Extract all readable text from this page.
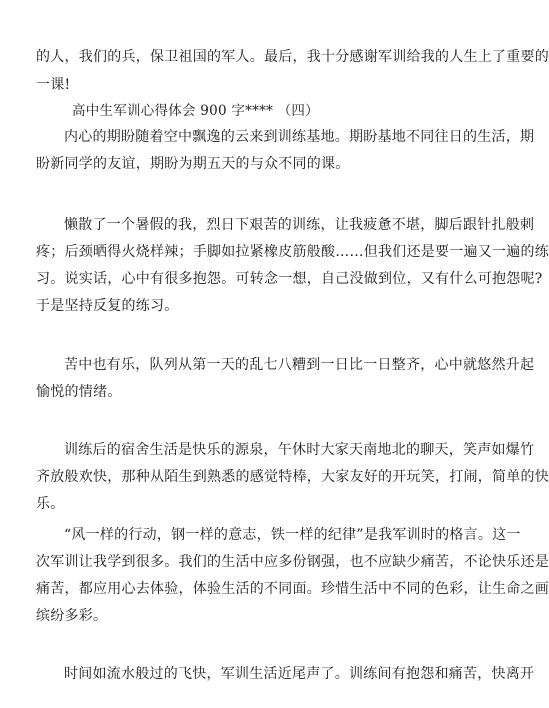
的人，我们的兵，保卫祖国的军人。最后，我十分感谢军训给我的人生上了重要的
一课!
高中生军训心得体会 900 字**** （四）
内心的期盼随着空中飘逸的云来到训练基地。期盼基地不同往日的生活，期
盼新同学的友谊，期盼为期五天的与众不同的课。
懒散了一个暑假的我，烈日下艰苦的训练，让我疲惫不堪，脚后跟针扎般刺
疼；后颈晒得火烧样辣；手脚如拉紧橡皮筋般酸……但我们还是要一遍又一遍的练
习。说实话，心中有很多抱怨。可转念一想，自己没做到位，又有什么可抱怨呢?
于是坚持反复的练习。
苦中也有乐，队列从第一天的乱七八糟到一日比一日整齐，心中就悠然升起
愉悦的情绪。
训练后的宿舍生活是快乐的源泉，午休时大家天南地北的聊天，笑声如爆竹
齐放般欢快，那种从陌生到熟悉的感觉特棒，大家友好的开玩笑，打闹，简单的快
乐。
“风一样的行动，钢一样的意志，铁一样的纪律”是我军训时的格言。这一
次军训让我学到很多。我们的生活中应多份钢强，也不应缺少痛苦，不论快乐还是
痛苦，都应用心去体验，体验生活的不同面。珍惜生活中不同的色彩，让生命之画
缤纷多彩。
时间如流水般过的飞快，军训生活近尾声了。训练间有抱怨和痛苦，快离开
